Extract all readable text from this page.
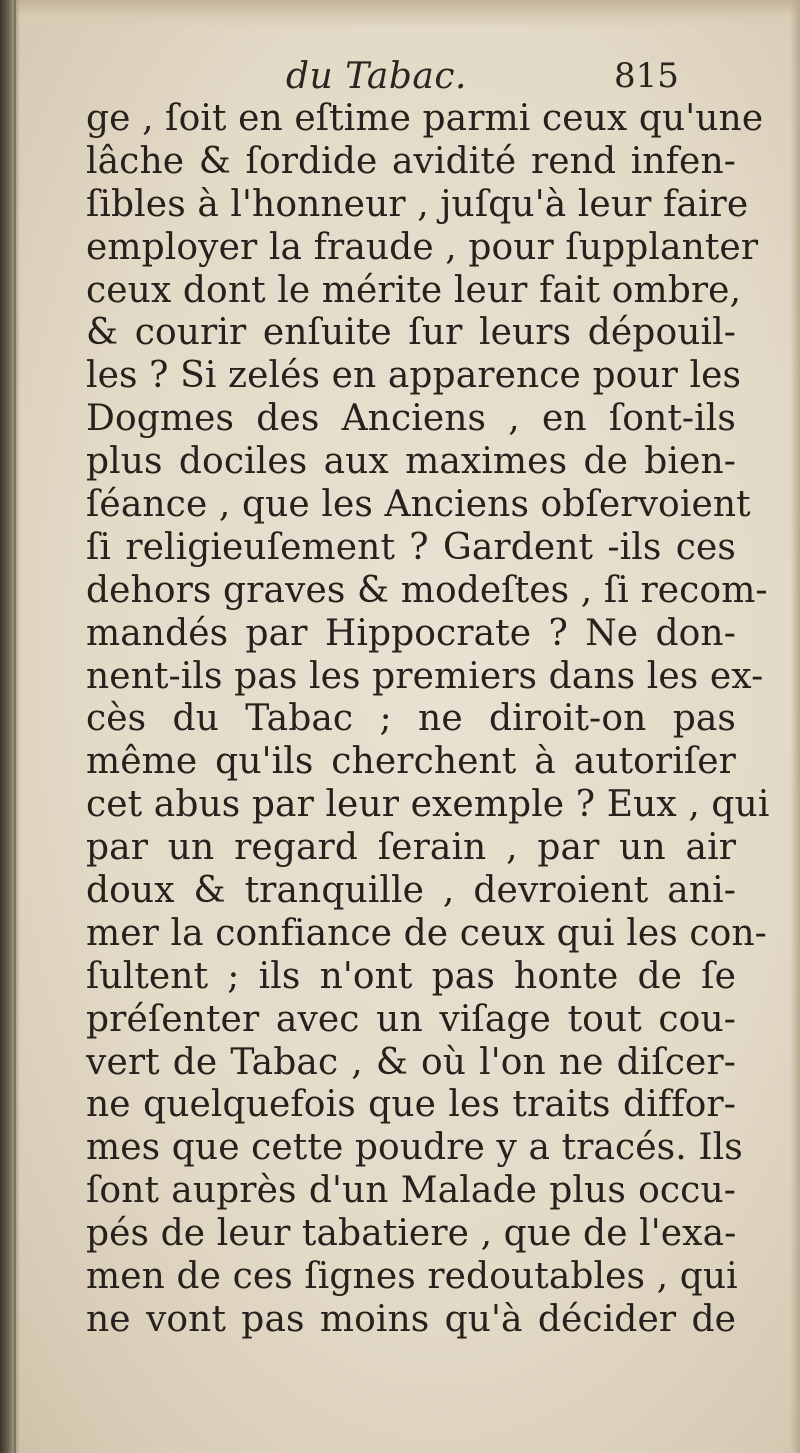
du Tabac.	815
ge , ſoit en eſtime parmi ceux qu'une
lâche & ſordide avidité rend infen-
ſibles à l'honneur , juſqu'à leur faire
employer la fraude , pour ſupplanter
ceux dont le mérite leur fait ombre,
& courir enſuite ſur leurs dépouil-
les ? Si zelés en apparence pour les
Dogmes des Anciens , en ſont-ils
plus dociles aux maximes de bien-
ſéance , que les Anciens obſervoient
ſi religieuſement ? Gardent -ils ces
dehors graves & modeſtes , ſi recom-
mandés par Hippocrate ? Ne don-
nent-ils pas les premiers dans les ex-
cès du Tabac ; ne diroit-on pas
même qu'ils cherchent à autoriſer
cet abus par leur exemple ? Eux , qui
par un regard ſerain , par un air
doux & tranquille , devroient ani-
mer la confiance de ceux qui les con-
ſultent ; ils n'ont pas honte de ſe
préſenter avec un viſage tout cou-
vert de Tabac , & où l'on ne diſcer-
ne quelquefois que les traits diffor-
mes que cette poudre y a tracés. Ils
ſont auprès d'un Malade plus occu-
pés de leur tabatiere , que de l'exa-
men de ces ſignes redoutables , qui
ne vont pas moins qu'à décider de
